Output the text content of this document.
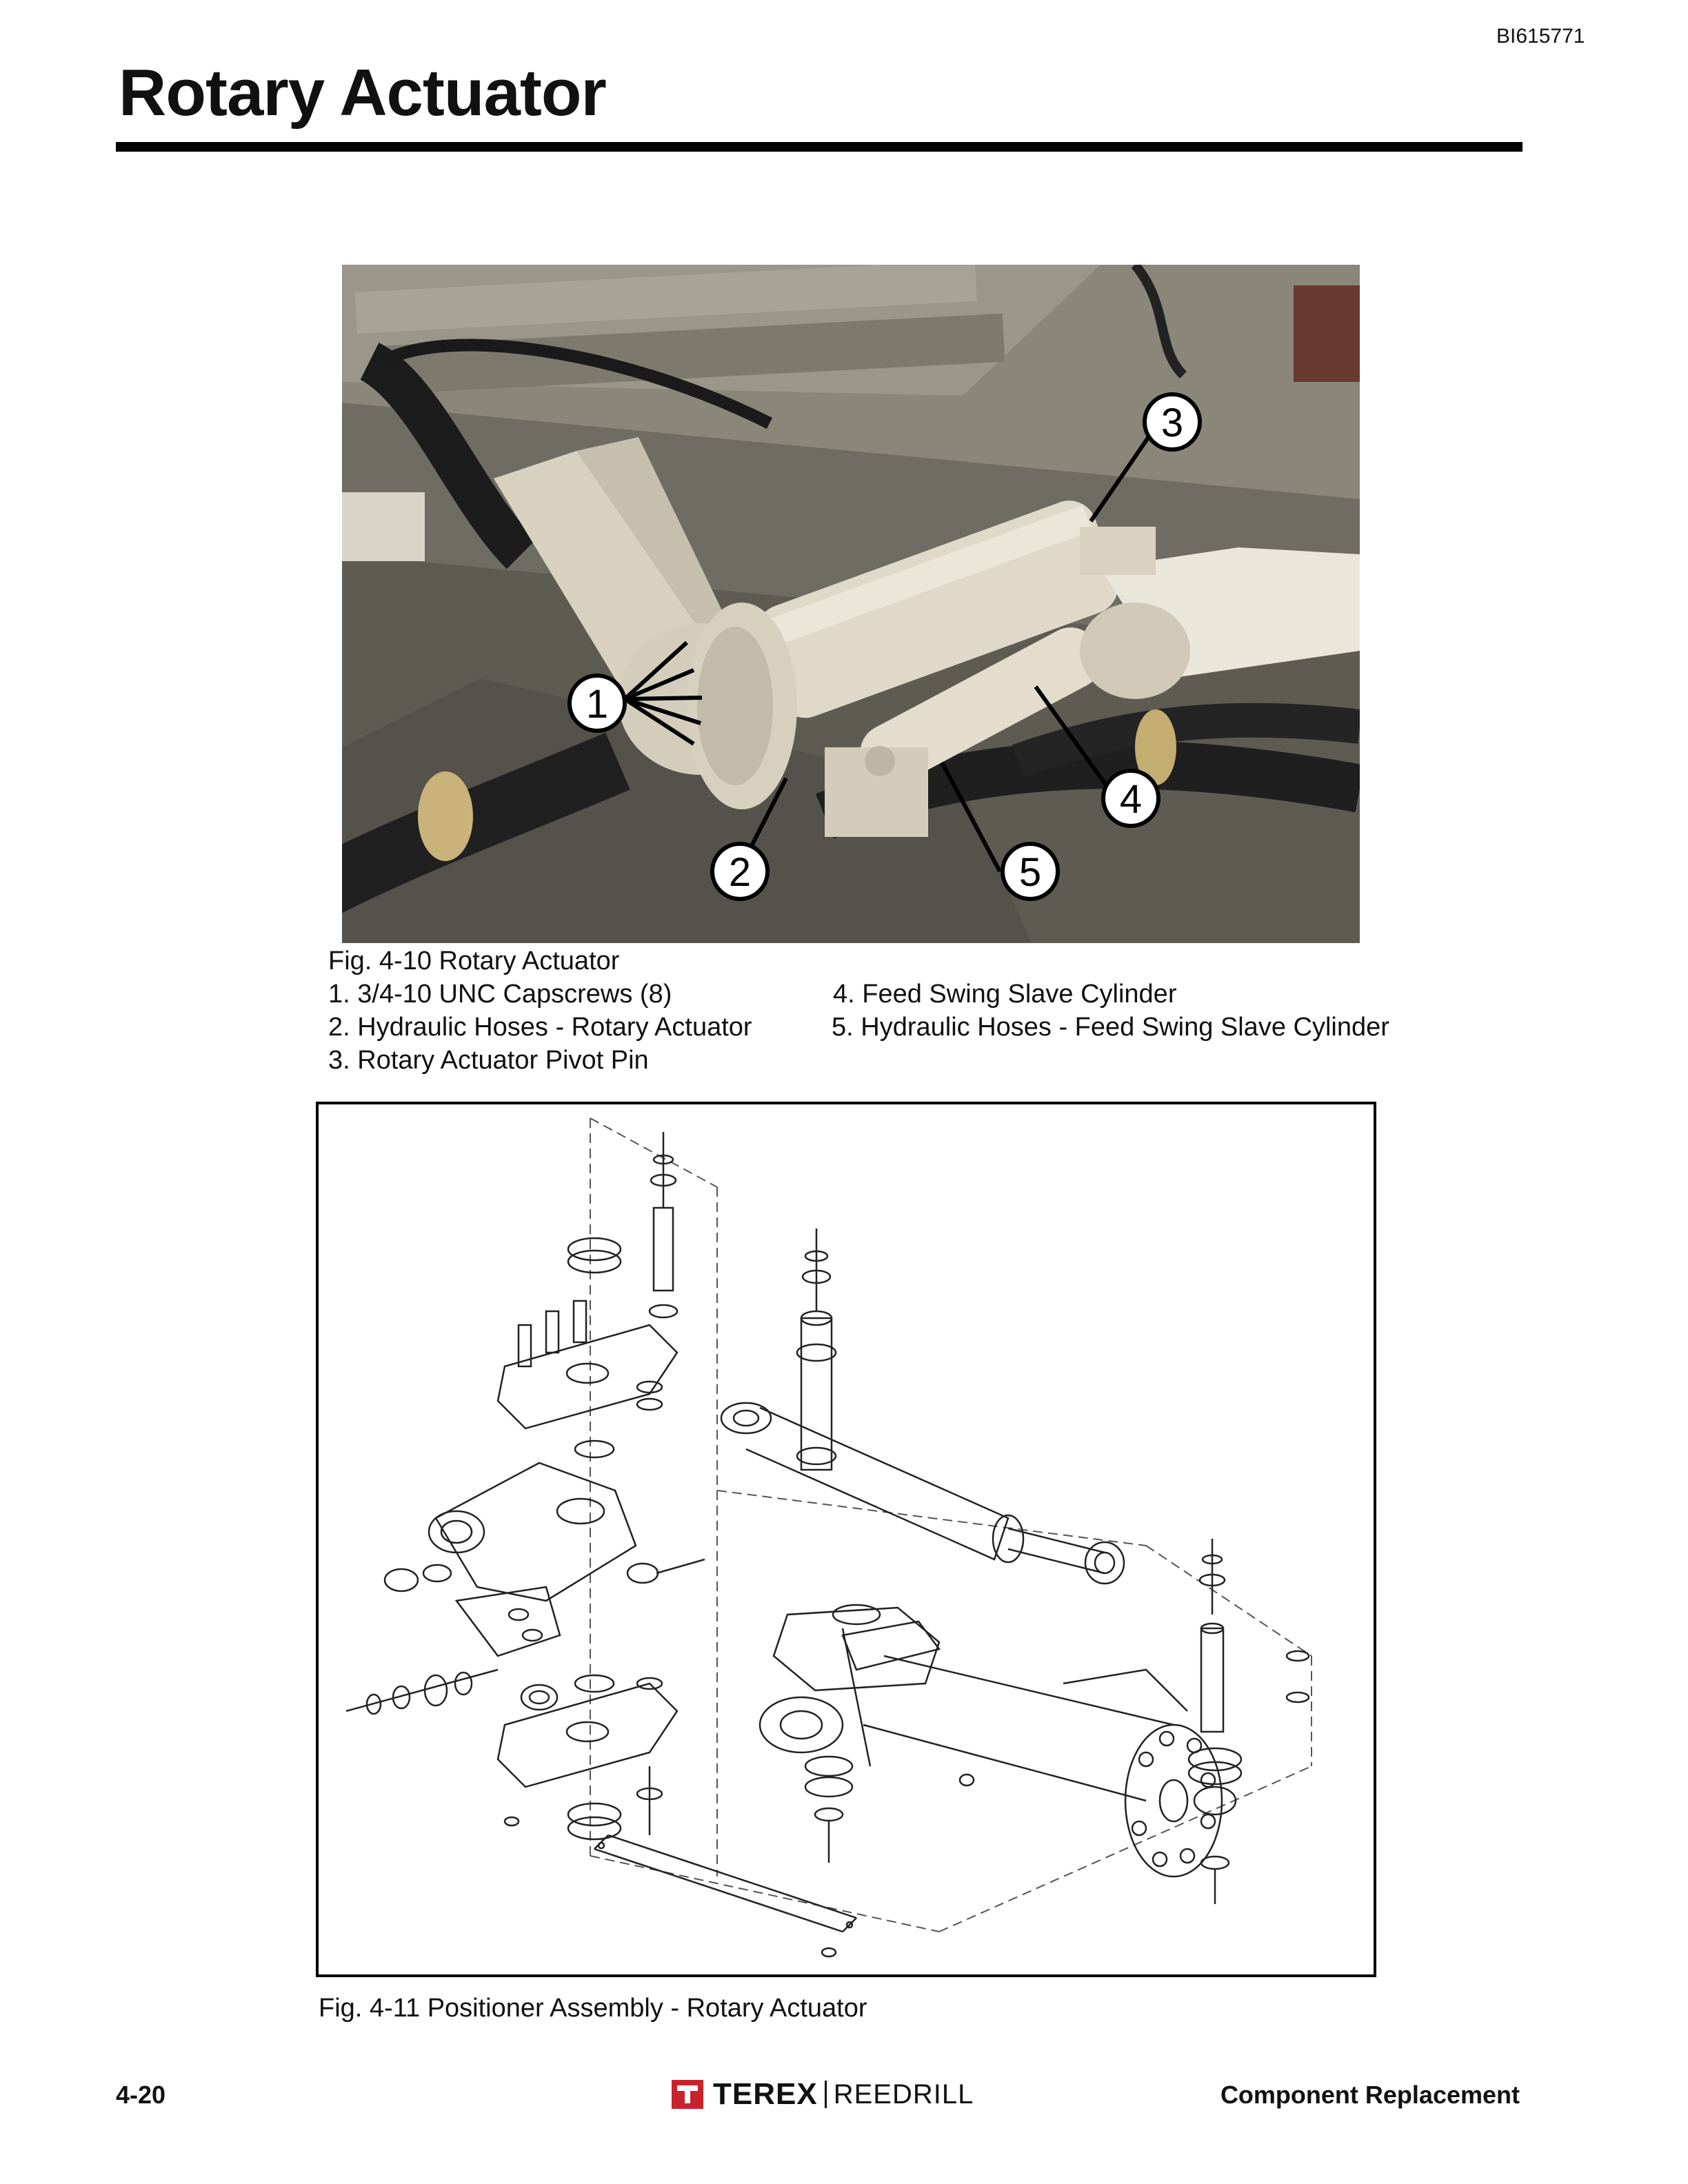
BI615771
Rotary Actuator
1
2
3
4
5
Fig. 4-10 Rotary Actuator
1. 3/4-10 UNC Capscrews (8)
2. Hydraulic Hoses - Rotary Actuator
3. Rotary Actuator Pivot Pin
4. Feed Swing Slave Cylinder
5. Hydraulic Hoses - Feed Swing Slave Cylinder
Fig. 4-11 Positioner Assembly - Rotary Actuator
4-20	TEREX REEDRILL	Component Replacement
